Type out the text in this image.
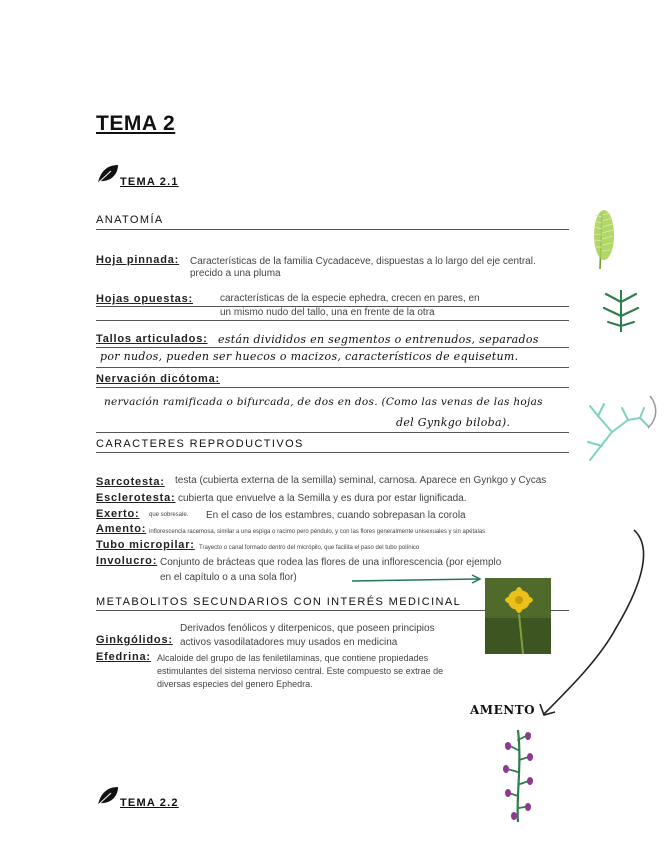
TEMA 2
TEMA 2.1
ANATOMÍA
Hoja pinnada: Características de la familia Cycadaceve, dispuestas a lo largo del eje central.
precido a una pluma
Hojas opuestas:	características de la especie ephedra, crecen en pares, en
un mismo nudo del tallo, una en frente de la otra
Tallos articulados: están divididos en segmentos o entrenudos, separados
por nudos, pueden ser huecos o macizos, característicos de equisetum.
Nervación dicótoma:
nervación ramificada o bifurcada, de dos en dos. (Como las venas de las hojas
del Gynkgo biloba).
CARACTERES REPRODUCTIVOS
Sarcotesta: testa (cubierta externa de la semilla) seminal, carnosa. Aparece en Gynkgo y Cycas
Esclerotesta: cubierta que envuelve a la Semilla y es dura por estar lignificada.
Exerto: que sobresale. En el caso de los estambres, cuando sobrepasan la corola
Amento: inflorescencia racemosa, similar a una espiga o racimo pero péndulo, y con las flores generalmente unisexuales y sin apétalas
Tubo micropilar: Trayecto o canal formado dentro del micrópilo, que facilita el paso del tubo polínico
Involucro: Conjunto de brácteas que rodea las flores de una inflorescencia (por ejemplo
en el capítulo o a una sola flor)
METABOLITOS SECUNDARIOS CON INTERÉS MEDICINAL
Derivados fenólicos y diterpenicos, que poseen principios
Ginkgólidos: activos vasodilatadores muy usados en medicina
Efedrina: Alcaloide del grupo de las feniletilaminas, que contiene propiedades
estimulantes del sistema nervioso central. Este compuesto se extrae de
diversas especies del genero Ephedra.
TEMA 2.2
AMENTO
